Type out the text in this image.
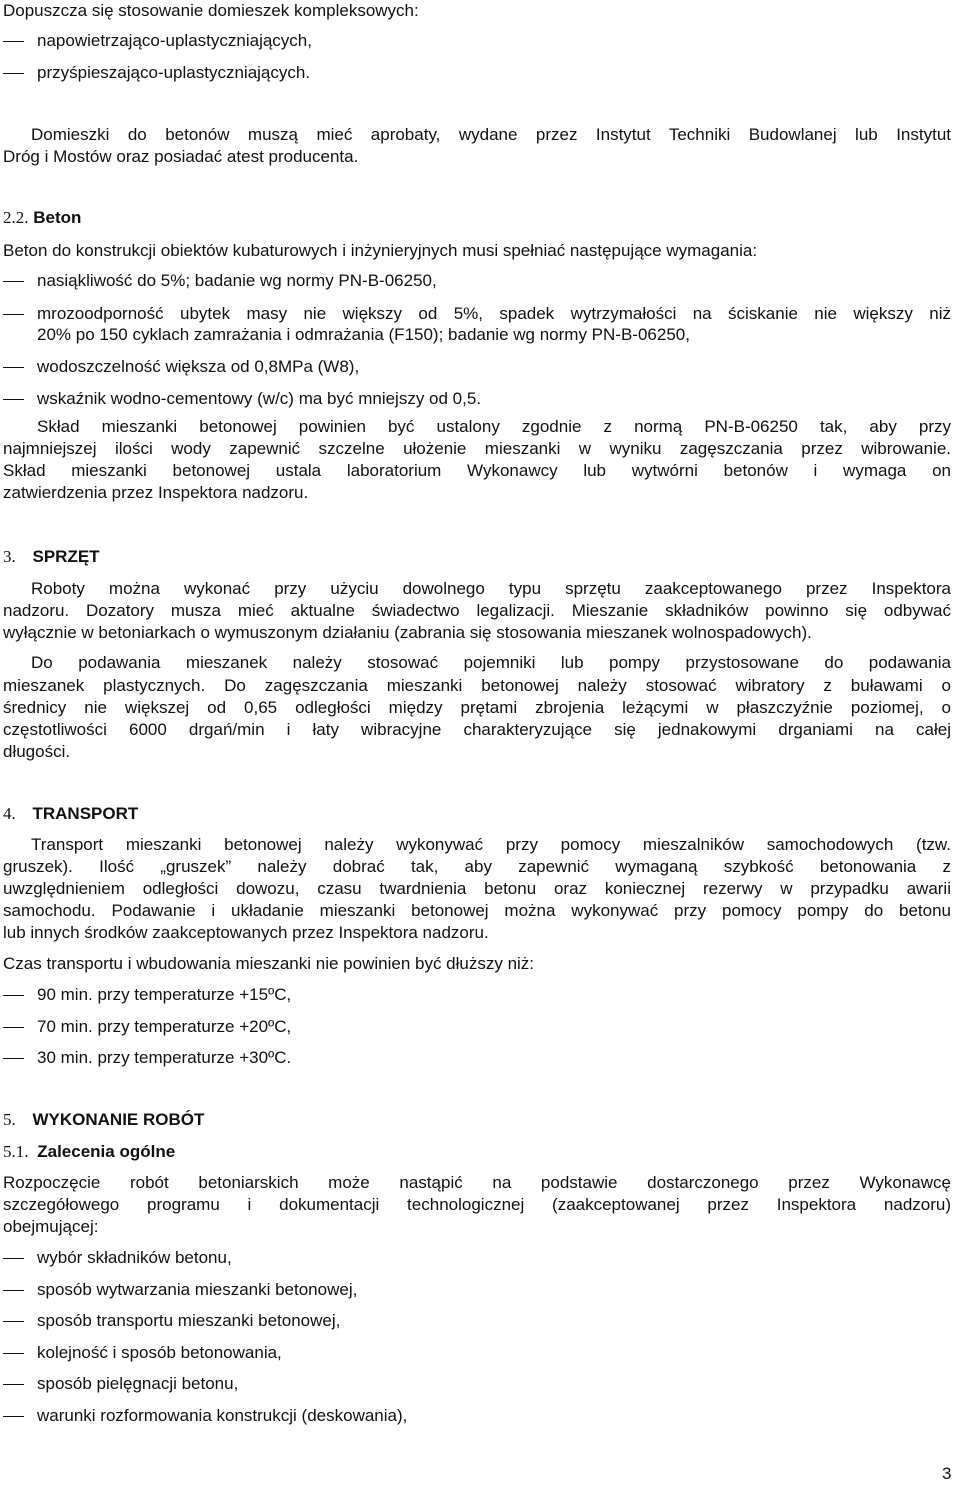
Dopuszcza się stosowanie domieszek kompleksowych:
napowietrzająco-uplastyczniających,
przyśpieszająco-uplastyczniających.
Domieszki do betonów muszą mieć aprobaty, wydane przez Instytut Techniki Budowlanej lub Instytut
Dróg i Mostów oraz posiadać atest producenta.
2.2. Beton
Beton do konstrukcji obiektów kubaturowych i inżynieryjnych musi spełniać następujące wymagania:
nasiąkliwość do 5%; badanie wg normy PN-B-06250,
mrozoodporność ubytek masy nie większy od 5%, spadek wytrzymałości na ściskanie nie większy niż
20% po 150 cyklach zamrażania i odmrażania (F150); badanie wg normy PN-B-06250,
wodoszczelność większa od 0,8MPa (W8),
wskaźnik wodno-cementowy (w/c) ma być mniejszy od 0,5.
Skład mieszanki betonowej powinien być ustalony zgodnie z normą PN-B-06250 tak, aby przy
najmniejszej ilości wody zapewnić szczelne ułożenie mieszanki w wyniku zagęszczania przez wibrowanie.
Skład mieszanki betonowej ustala laboratorium Wykonawcy lub wytwórni betonów i wymaga on
zatwierdzenia przez Inspektora nadzoru.
3. SPRZĘT
Roboty można wykonać przy użyciu dowolnego typu sprzętu zaakceptowanego przez Inspektora
nadzoru. Dozatory musza mieć aktualne świadectwo legalizacji. Mieszanie składników powinno się odbywać
wyłącznie w betoniarkach o wymuszonym działaniu (zabrania się stosowania mieszanek wolnospadowych).
Do podawania mieszanek należy stosować pojemniki lub pompy przystosowane do podawania
mieszanek plastycznych. Do zagęszczania mieszanki betonowej należy stosować wibratory z buławami o
średnicy nie większej od 0,65 odległości między prętami zbrojenia leżącymi w płaszczyźnie poziomej, o
częstotliwości 6000 drgań/min i łaty wibracyjne charakteryzujące się jednakowymi drganiami na całej
długości.
4. TRANSPORT
Transport mieszanki betonowej należy wykonywać przy pomocy mieszalników samochodowych (tzw.
gruszek). Ilość „gruszek” należy dobrać tak, aby zapewnić wymaganą szybkość betonowania z
uwzględnieniem odległości dowozu, czasu twardnienia betonu oraz koniecznej rezerwy w przypadku awarii
samochodu. Podawanie i układanie mieszanki betonowej można wykonywać przy pomocy pompy do betonu
lub innych środków zaakceptowanych przez Inspektora nadzoru.
Czas transportu i wbudowania mieszanki nie powinien być dłuższy niż:
90 min. przy temperaturze +15ºC,
70 min. przy temperaturze +20ºC,
30 min. przy temperaturze +30ºC.
5. WYKONANIE ROBÓT
5.1. Zalecenia ogólne
Rozpoczęcie robót betoniarskich może nastąpić na podstawie dostarczonego przez Wykonawcę
szczegółowego programu i dokumentacji technologicznej (zaakceptowanej przez Inspektora nadzoru)
obejmującej:
wybór składników betonu,
sposób wytwarzania mieszanki betonowej,
sposób transportu mieszanki betonowej,
kolejność i sposób betonowania,
sposób pielęgnacji betonu,
warunki rozformowania konstrukcji (deskowania),
3
